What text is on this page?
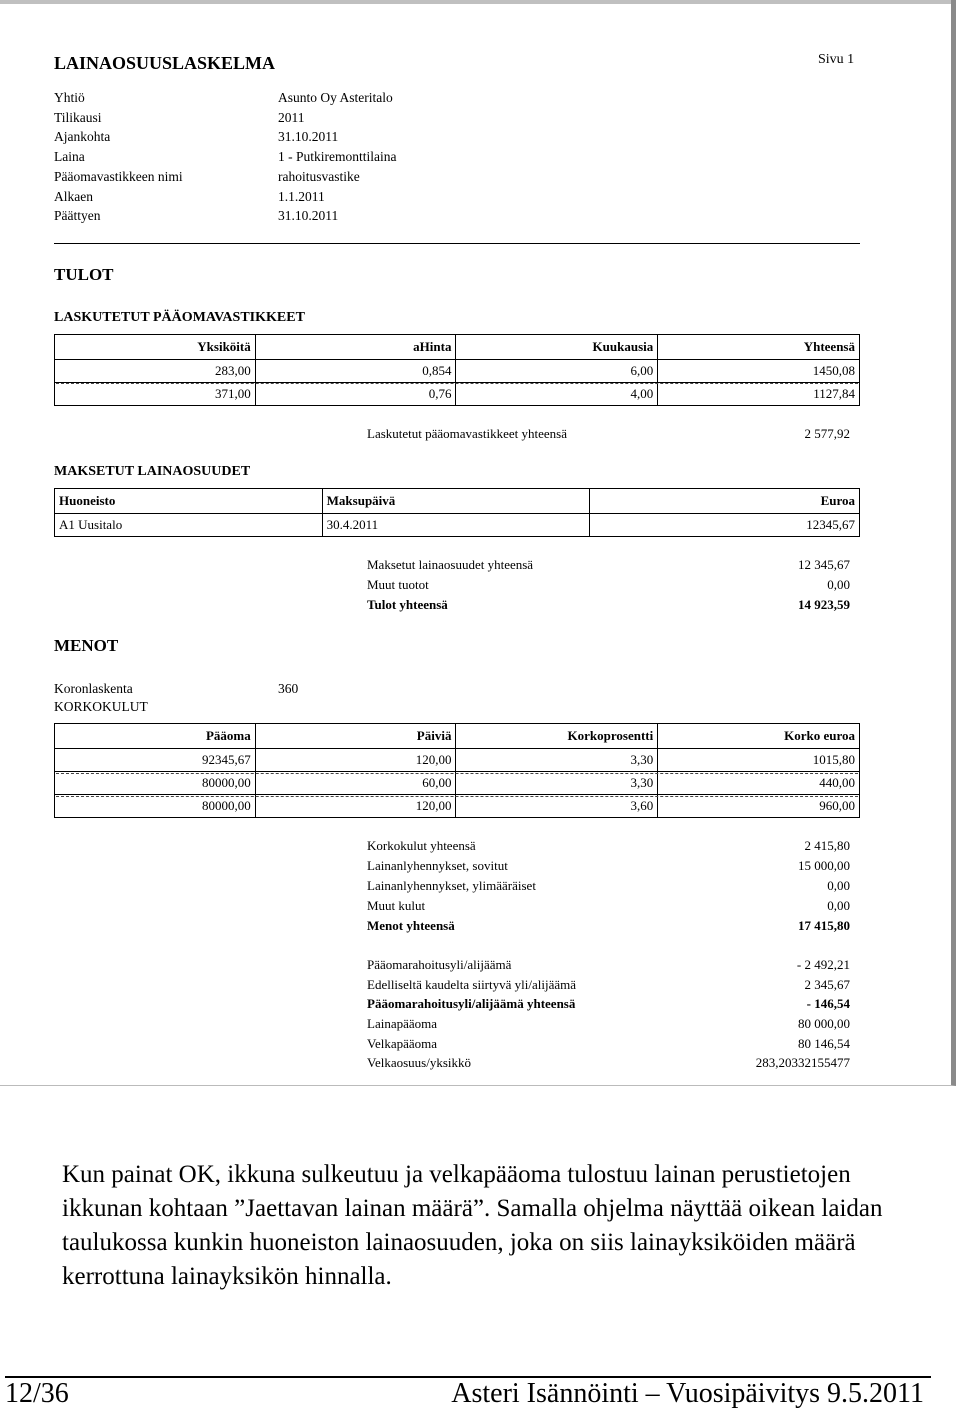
LAINAOSUUSLASKELMA	Sivu 1
Yhtiö	Asunto Oy Asteritalo
Tilikausi	2011
Ajankohta	31.10.2011
Laina	1 - Putkiremonttilaina
Pääomavastikkeen nimi	rahoitusvastike
Alkaen	1.1.2011
Päättyen	31.10.2011
TULOT
LASKUTETUT PÄÄOMAVASTIKKEET
Yksiköitä	aHinta	Kuukausia	Yhteensä
283,00	0,854	6,00	1450,08
371,00	0,76	4,00	1127,84
Laskutetut pääomavastikkeet yhteensä	2 577,92
MAKSETUT LAINAOSUUDET
Huoneisto	Maksupäivä	Euroa
A1 Uusitalo	30.4.2011	12345,67
Maksetut lainaosuudet yhteensä	12 345,67
Muut tuotot	0,00
Tulot yhteensä	14 923,59
MENOT
Koronlaskenta	360
KORKOKULUT
Pääoma	Päiviä	Korkoprosentti	Korko euroa
92345,67	120,00	3,30	1015,80
80000,00	60,00	3,30	440,00
80000,00	120,00	3,60	960,00
Korkokulut yhteensä	2 415,80
Lainanlyhennykset, sovitut	15 000,00
Lainanlyhennykset, ylimääräiset	0,00
Muut kulut	0,00
Menot yhteensä	17 415,80
Pääomarahoitusyli/alijäämä	- 2 492,21
Edelliseltä kaudelta siirtyvä yli/alijäämä	2 345,67
Pääomarahoitusyli/alijäämä yhteensä	- 146,54
Lainapääoma	80 000,00
Velkapääoma	80 146,54
Velkaosuus/yksikkö	283,20332155477
Kun painat OK, ikkuna sulkeutuu ja velkapääoma tulostuu lainan perustietojen ikkunan kohtaan ”Jaettavan lainan määrä”. Samalla ohjelma näyttää oikean laidan taulukossa kunkin huoneiston lainaosuuden, joka on siis lainayksiköiden määrä kerrottuna lainayksikön hinnalla.
12/36	Asteri Isännöinti – Vuosipäivitys 9.5.2011
